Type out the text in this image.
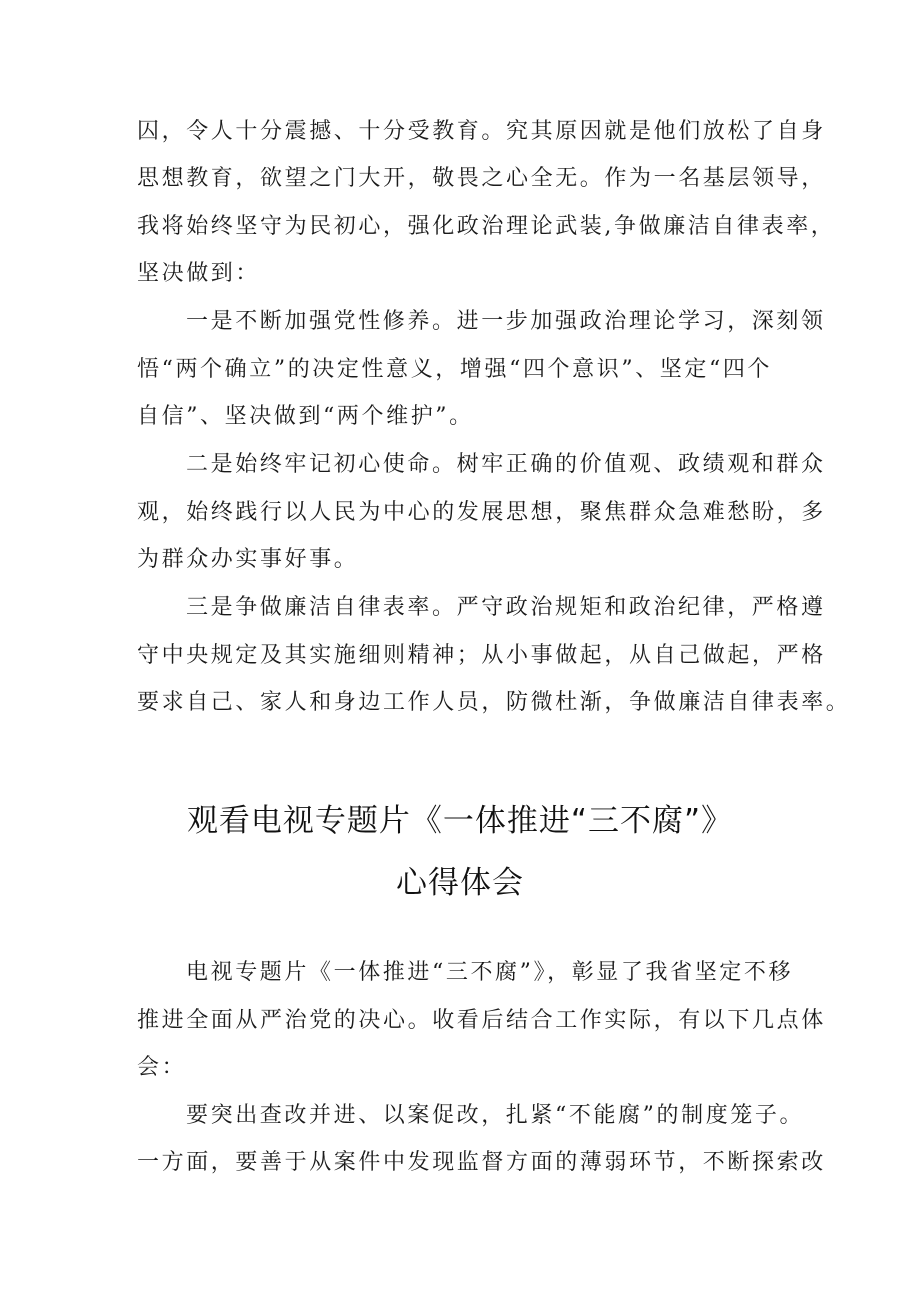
囚，令人十分震撼、十分受教育。究其原因就是他们放松了自身
思想教育，欲望之门大开，敬畏之心全无。作为一名基层领导，
我将始终坚守为民初心，强化政治理论武装,争做廉洁自律表率，
坚决做到：
一是不断加强党性修养。进一步加强政治理论学习，深刻领
悟“两个确立”的决定性意义，增强“四个意识”、坚定“四个
自信”、坚决做到“两个维护”。
二是始终牢记初心使命。树牢正确的价值观、政绩观和群众
观，始终践行以人民为中心的发展思想，聚焦群众急难愁盼，多
为群众办实事好事。
三是争做廉洁自律表率。严守政治规矩和政治纪律，严格遵
守中央规定及其实施细则精神；从小事做起，从自己做起，严格
要求自己、家人和身边工作人员，防微杜渐，争做廉洁自律表率。
观看电视专题片《一体推进“三不腐”》
心得体会
电视专题片《一体推进“三不腐”》，彰显了我省坚定不移
推进全面从严治党的决心。收看后结合工作实际，有以下几点体
会：
要突出查改并进、以案促改，扎紧“不能腐”的制度笼子。
一方面，要善于从案件中发现监督方面的薄弱环节，不断探索改
